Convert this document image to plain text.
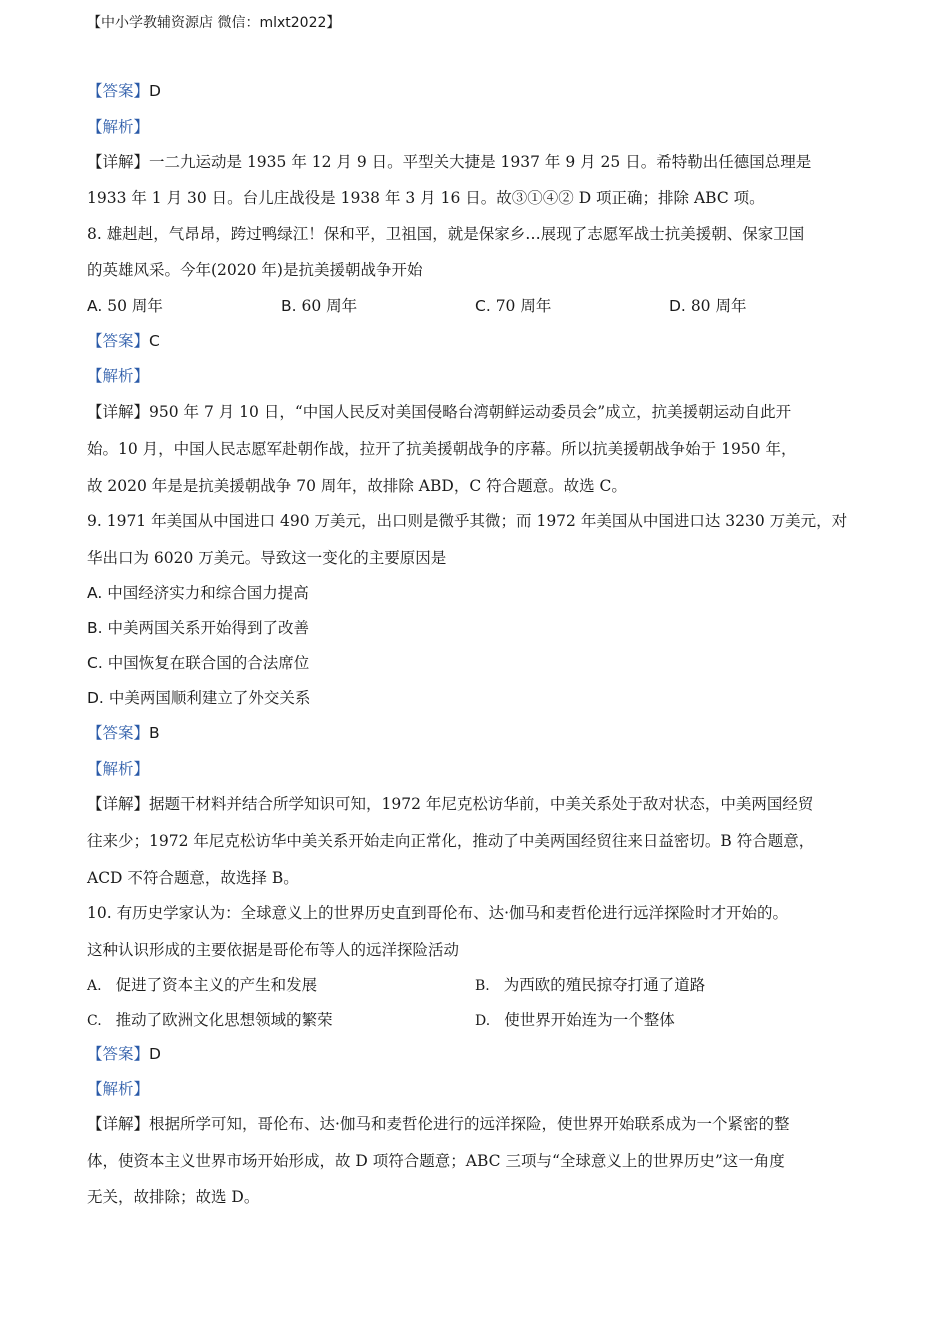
【中小学教辅资源店 微信：mlxt2022】
【答案】D
【解析】
【详解】一二九运动是 1935 年 12 月 9 日。平型关大捷是 1937 年 9 月 25 日。希特勒出任德国总理是
1933 年 1 月 30 日。台儿庄战役是 1938 年 3 月 16 日。故③①④② D 项正确；排除 ABC 项。
8. 雄赳赳，气昂昂，跨过鸭绿江！保和平，卫祖国，就是保家乡…展现了志愿军战士抗美援朝、保家卫国
的英雄风采。今年(2020 年)是抗美援朝战争开始
A. 50 周年	B. 60 周年	C. 70 周年	D. 80 周年
【答案】C
【解析】
【详解】950 年 7 月 10 日，“中国人民反对美国侵略台湾朝鲜运动委员会”成立，抗美援朝运动自此开
始。10 月，中国人民志愿军赴朝作战，拉开了抗美援朝战争的序幕。所以抗美援朝战争始于 1950 年，
故 2020 年是是抗美援朝战争 70 周年，故排除 ABD，C 符合题意。故选 C。
9. 1971 年美国从中国进口 490 万美元，出口则是微乎其微；而 1972 年美国从中国进口达 3230 万美元，对
华出口为 6020 万美元。导致这一变化的主要原因是
A. 中国经济实力和综合国力提高
B. 中美两国关系开始得到了改善
C. 中国恢复在联合国的合法席位
D. 中美两国顺利建立了外交关系
【答案】B
【解析】
【详解】据题干材料并结合所学知识可知，1972 年尼克松访华前，中美关系处于敌对状态，中美两国经贸
往来少；1972 年尼克松访华中美关系开始走向正常化，推动了中美两国经贸往来日益密切。B 符合题意，
ACD 不符合题意，故选择 B。
10. 有历史学家认为：全球意义上的世界历史直到哥伦布、达·伽马和麦哲伦进行远洋探险时才开始的。
这种认识形成的主要依据是哥伦布等人的远洋探险活动
A. 促进了资本主义的产生和发展	B. 为西欧的殖民掠夺打通了道路
C. 推动了欧洲文化思想领域的繁荣	D. 使世界开始连为一个整体
【答案】D
【解析】
【详解】根据所学可知，哥伦布、达·伽马和麦哲伦进行的远洋探险，使世界开始联系成为一个紧密的整
体，使资本主义世界市场开始形成，故 D 项符合题意；ABC 三项与“全球意义上的世界历史”这一角度
无关，故排除；故选 D。
